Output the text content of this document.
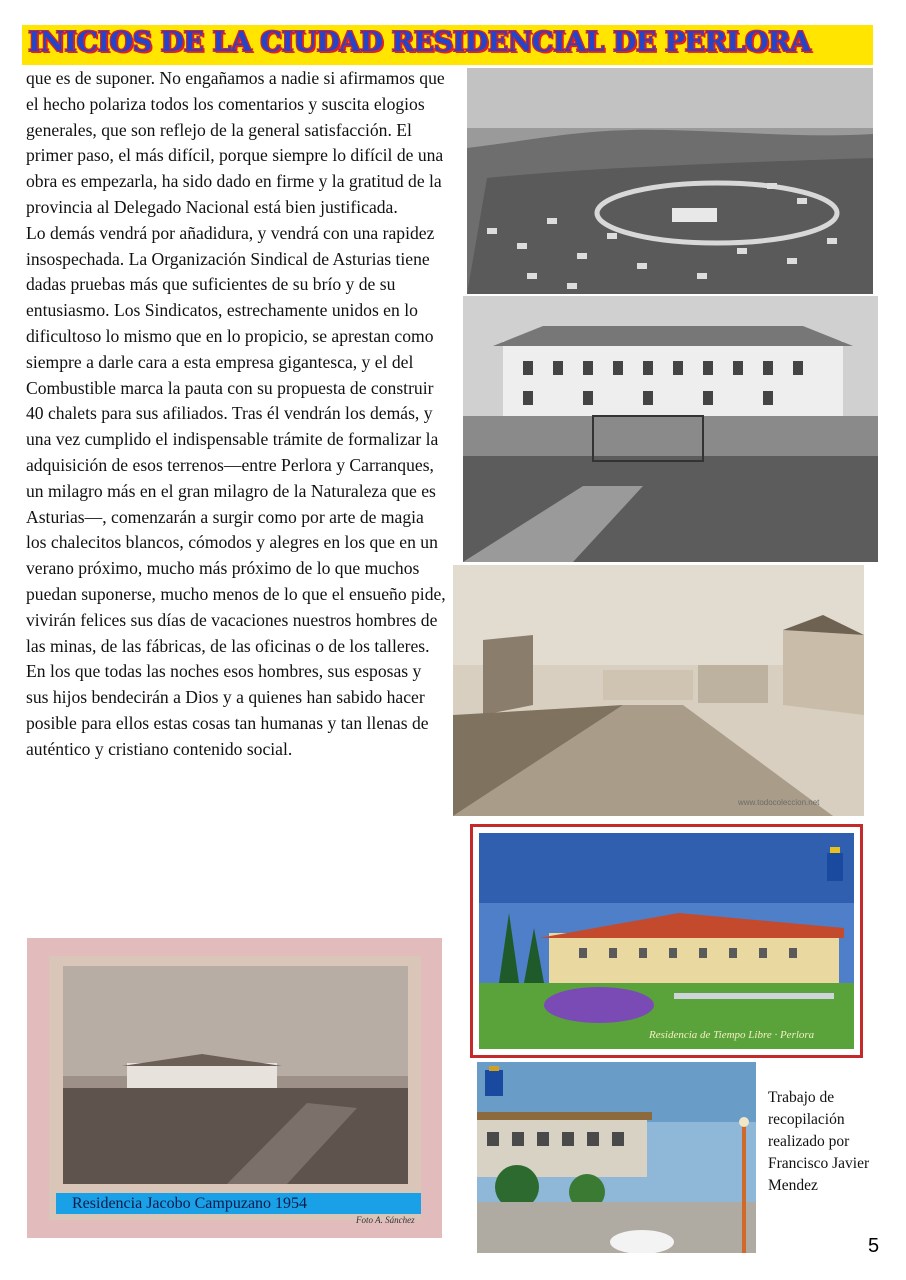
INICIOS DE LA CIUDAD RESIDENCIAL DE PERLORA

que es de suponer. No engañamos a nadie si afirmamos que el hecho polariza todos los comentarios y suscita elogios generales, que son reflejo de la general satisfacción. El primer paso, el más difícil, porque siempre lo difícil de una obra es empezarla, ha sido dado en firme y la gratitud de la provincia al Delegado Nacional está bien justificada.

Lo demás vendrá por añadidura, y vendrá con una rapidez insospechada. La Organización Sindical de Asturias tiene dadas pruebas más que suficientes de su brío y de su entusiasmo. Los Sindicatos, estrechamente unidos en lo dificultoso lo mismo que en lo propicio, se aprestan como siempre a darle cara a esta empresa gigantesca, y el del Combustible marca la pauta con su propuesta de construir 40 chalets para sus afiliados. Tras él vendrán los demás, y una vez cumplido el indispensable trámite de formalizar la adquisición de esos terrenos—entre Perlora y Carranques, un milagro más en el gran milagro de la Naturaleza que es Asturias—, comenzarán a surgir como por arte de magia los chalecitos blancos, cómodos y alegres en los que en un verano próximo, mucho más próximo de lo que muchos puedan suponerse, mucho menos de lo que el ensueño pide, vivirán felices sus días de vacaciones nuestros hombres de las minas, de las fábricas, de las oficinas o de los talleres. En los que todas las noches esos hombres, sus esposas y sus hijos bendecirán a Dios y a quienes han sabido hacer posible para ellos estas cosas tan humanas y tan llenas de auténtico y cristiano contenido social.

www.todocoleccion.net
Residencia de Tiempo Libre · Perlora
Residencia Jacobo Campuzano 1954
Foto A. Sánchez
Trabajo de recopilación realizado por Francisco Javier Mendez
5
